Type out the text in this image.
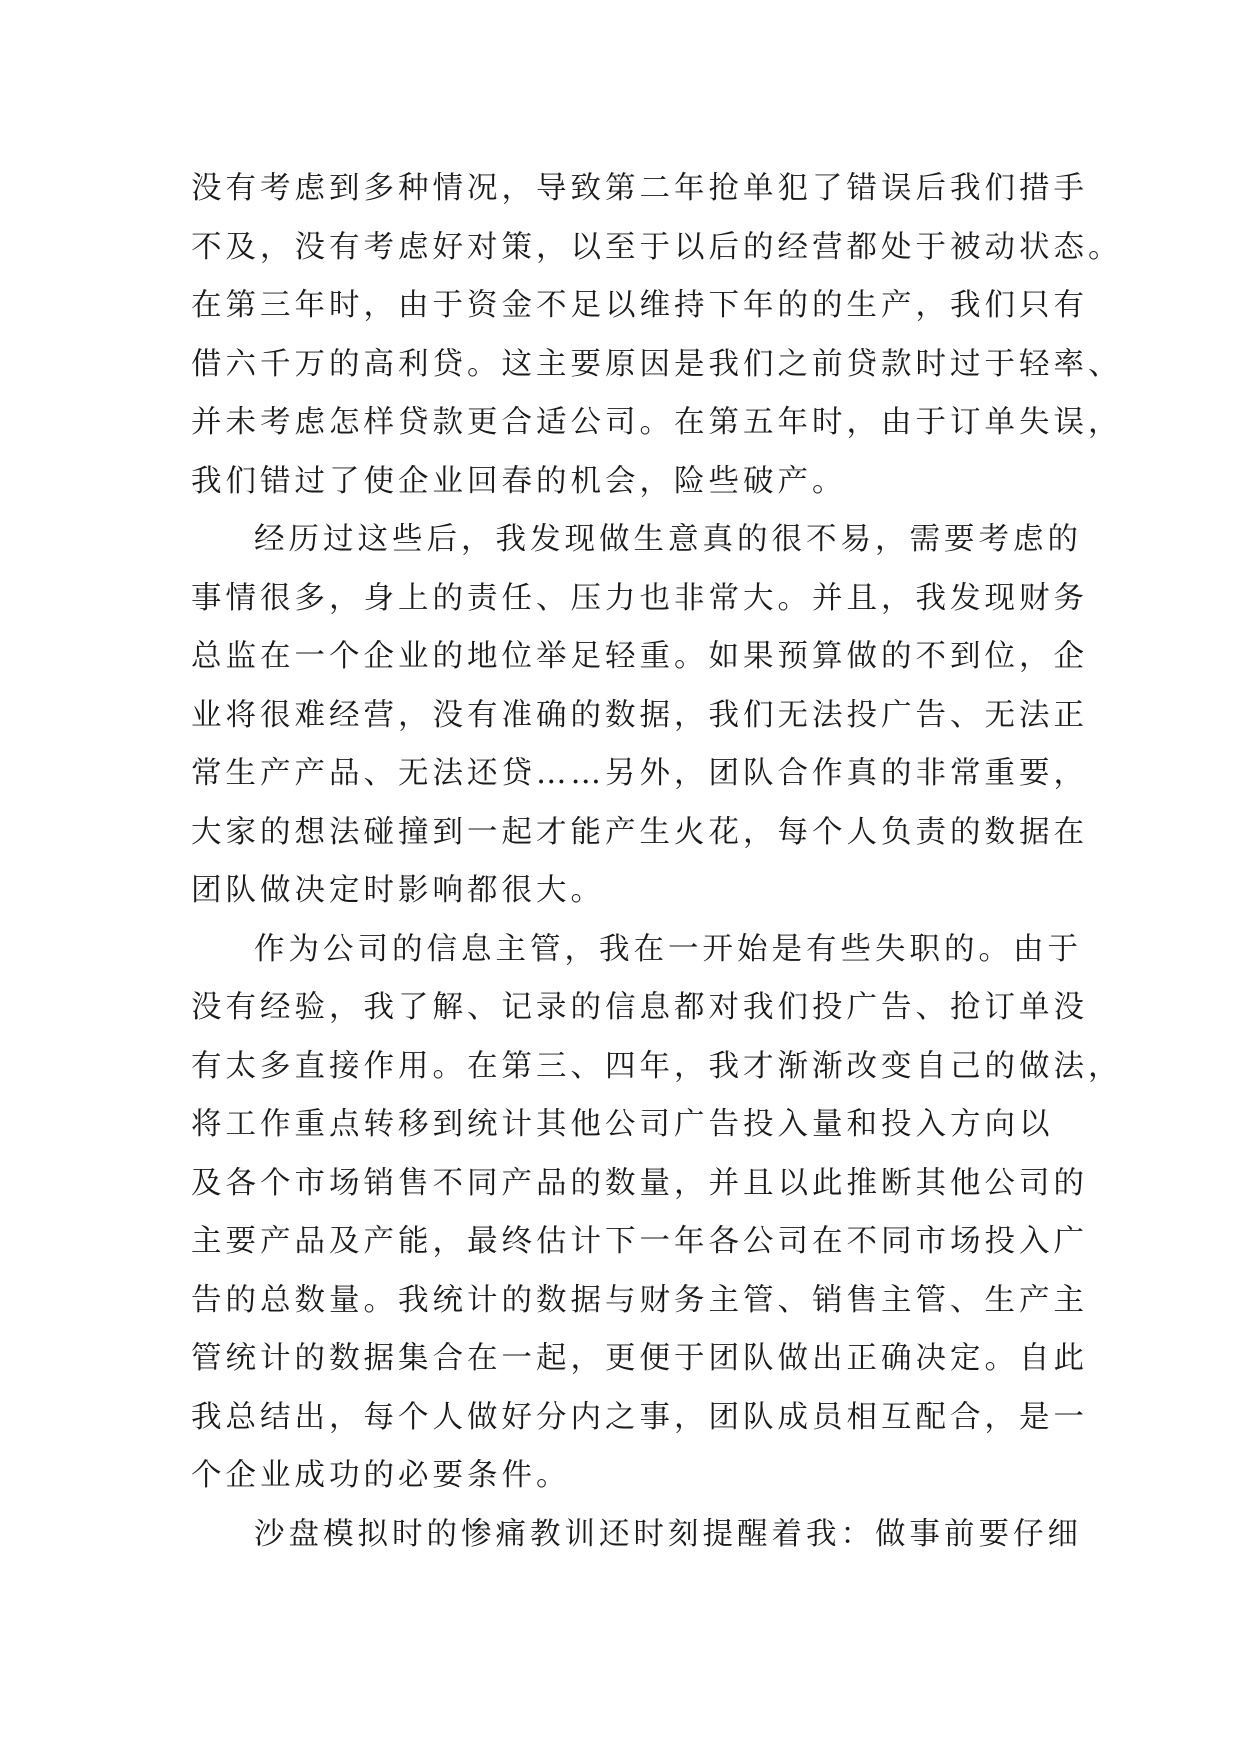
没有考虑到多种情况，导致第二年抢单犯了错误后我们措手
不及，没有考虑好对策，以至于以后的经营都处于被动状态。
在第三年时，由于资金不足以维持下年的的生产，我们只有
借六千万的高利贷。这主要原因是我们之前贷款时过于轻率、
并未考虑怎样贷款更合适公司。在第五年时，由于订单失误，
我们错过了使企业回春的机会，险些破产。
经历过这些后，我发现做生意真的很不易，需要考虑的
事情很多，身上的责任、压力也非常大。并且，我发现财务
总监在一个企业的地位举足轻重。如果预算做的不到位，企
业将很难经营，没有准确的数据，我们无法投广告、无法正
常生产产品、无法还贷……另外，团队合作真的非常重要，
大家的想法碰撞到一起才能产生火花，每个人负责的数据在
团队做决定时影响都很大。
作为公司的信息主管，我在一开始是有些失职的。由于
没有经验，我了解、记录的信息都对我们投广告、抢订单没
有太多直接作用。在第三、四年，我才渐渐改变自己的做法，
将工作重点转移到统计其他公司广告投入量和投入方向以
及各个市场销售不同产品的数量，并且以此推断其他公司的
主要产品及产能，最终估计下一年各公司在不同市场投入广
告的总数量。我统计的数据与财务主管、销售主管、生产主
管统计的数据集合在一起，更便于团队做出正确决定。自此
我总结出，每个人做好分内之事，团队成员相互配合，是一
个企业成功的必要条件。
沙盘模拟时的惨痛教训还时刻提醒着我：做事前要仔细
